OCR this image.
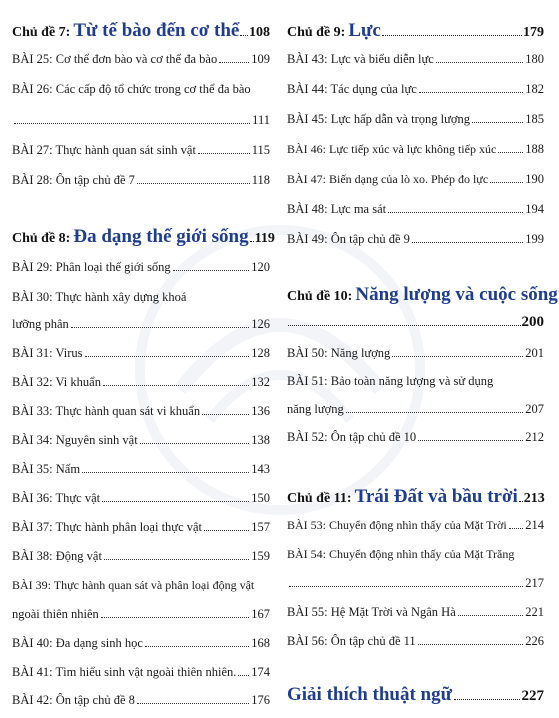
Chủ đề 7: Từ tế bào đến cơ thể 108
BÀI 25: Cơ thể đơn bào và cơ thể đa bào	109
BÀI 26: Các cấp độ tổ chức trong cơ thể đa bào
111
BÀI 27: Thực hành quan sát sinh vật	115
BÀI 28: Ôn tập chủ đề 7	118
Chủ đề 8: Đa dạng thế giới sống 119
BÀI 29: Phân loại thế giới sống	120
BÀI 30: Thực hành xây dựng khoá
lưỡng phân	126
BÀI 31: Virus	128
BÀI 32: Vi khuẩn	132
BÀI 33: Thực hành quan sát vi khuẩn	136
BÀI 34: Nguyên sinh vật	138
BÀI 35: Nấm	143
BÀI 36: Thực vật	150
BÀI 37: Thực hành phân loại thực vật	157
BÀI 38: Động vật	159
BÀI 39: Thực hành quan sát và phân loại động vật
ngoài thiên nhiên	167
BÀI 40: Đa dạng sinh học	168
BÀI 41: Tìm hiểu sinh vật ngoài thiên nhiên. 174
BÀI 42: Ôn tập chủ đề 8	176
Chủ đề 9: Lực	179
BÀI 43: Lực và biểu diễn lực	180
BÀI 44: Tác dụng của lực	182
BÀI 45: Lực hấp dẫn và trọng lượng	185
BÀI 46: Lực tiếp xúc và lực không tiếp xúc 188
BÀI 47: Biến dạng của lò xo. Phép đo lực	190
BÀI 48: Lực ma sát	194
BÀI 49: Ôn tập chủ đề 9	199
Chủ đề 10: Năng lượng và cuộc sống
200
BÀI 50: Năng lượng	201
BÀI 51: Bảo toàn năng lượng và sử dụng
năng lượng	207
BÀI 52: Ôn tập chủ đề 10	212
Chủ đề 11: Trái Đất và bầu trời 213
BÀI 53: Chuyển động nhìn thấy của Mặt Trời 214
BÀI 54: Chuyển động nhìn thấy của Mặt Trăng
217
BÀI 55: Hệ Mặt Trời và Ngân Hà	221
BÀI 56: Ôn tập chủ đề 11	226
Giải thích thuật ngữ	227
